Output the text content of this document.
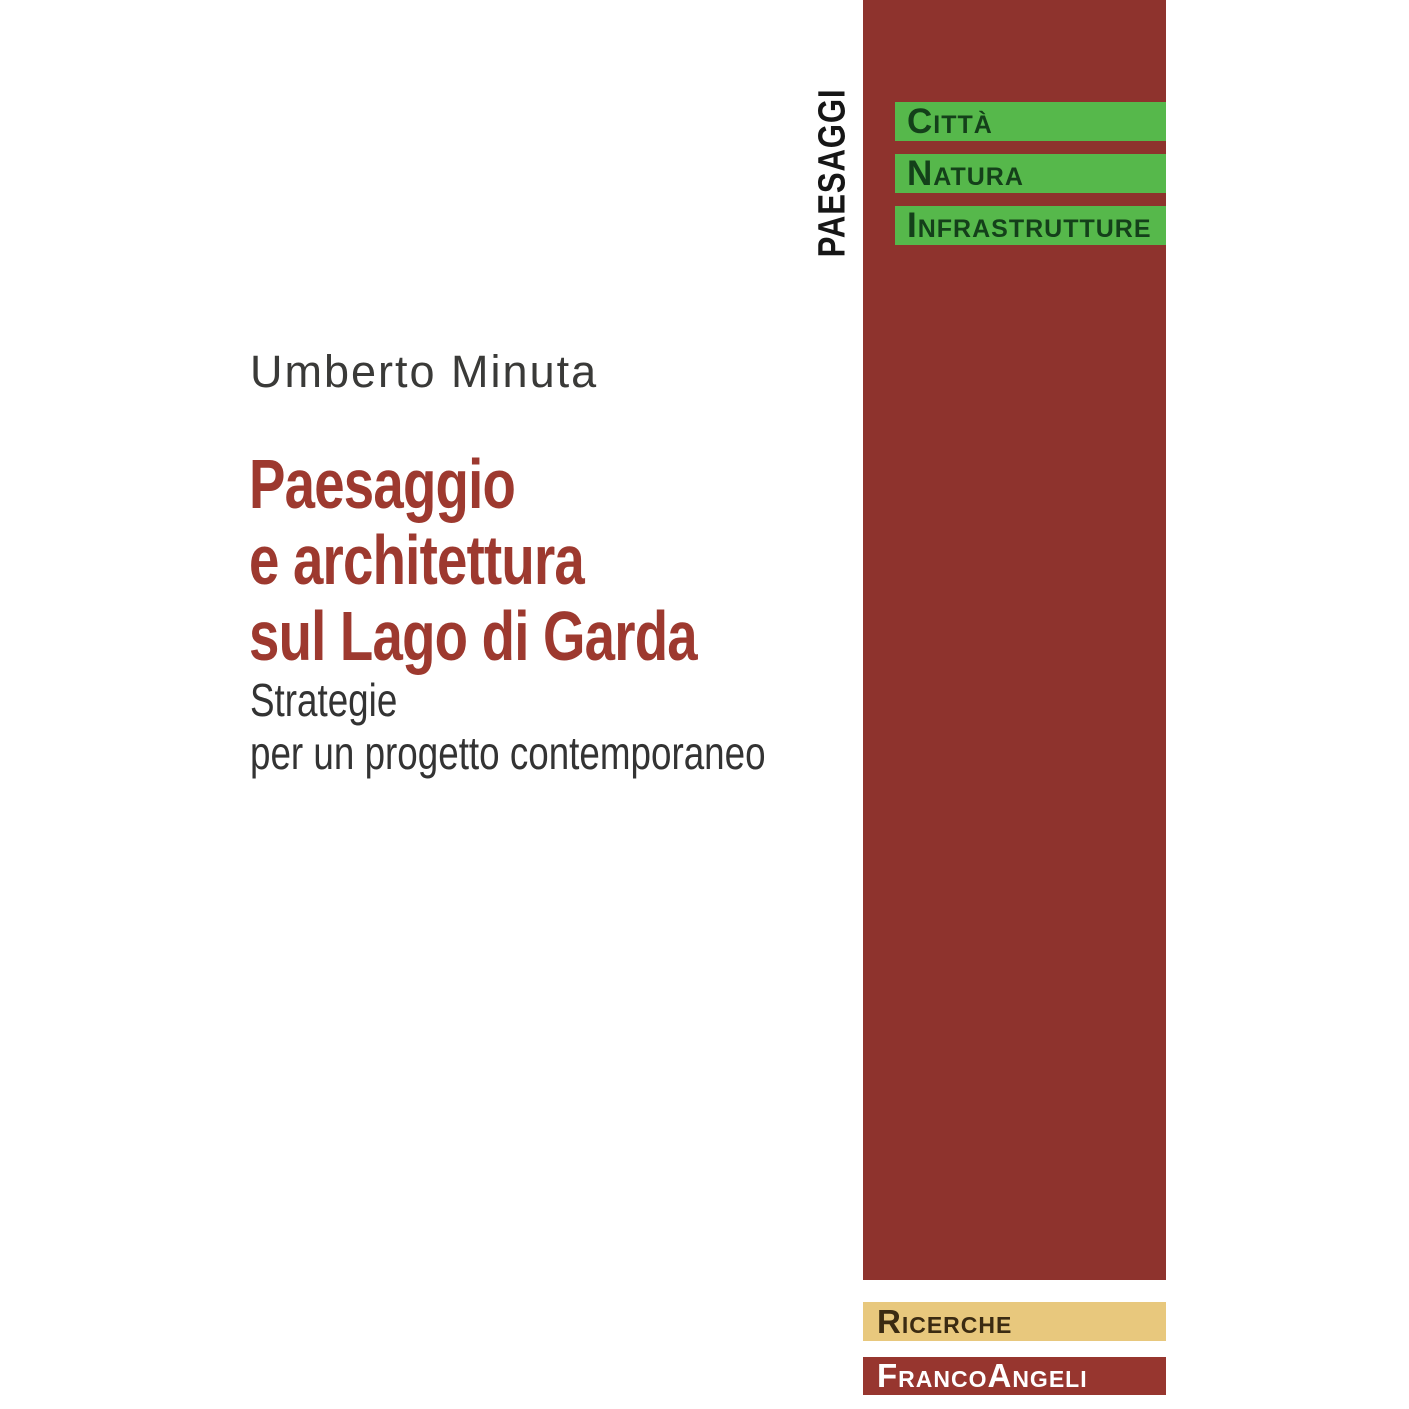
PAESAGGI	Città
Natura
Infrastrutture
Umberto Minuta
Paesaggio
e architettura
sul Lago di Garda
Strategie
per un progetto contemporaneo
Ricerche
FrancoAngeli
